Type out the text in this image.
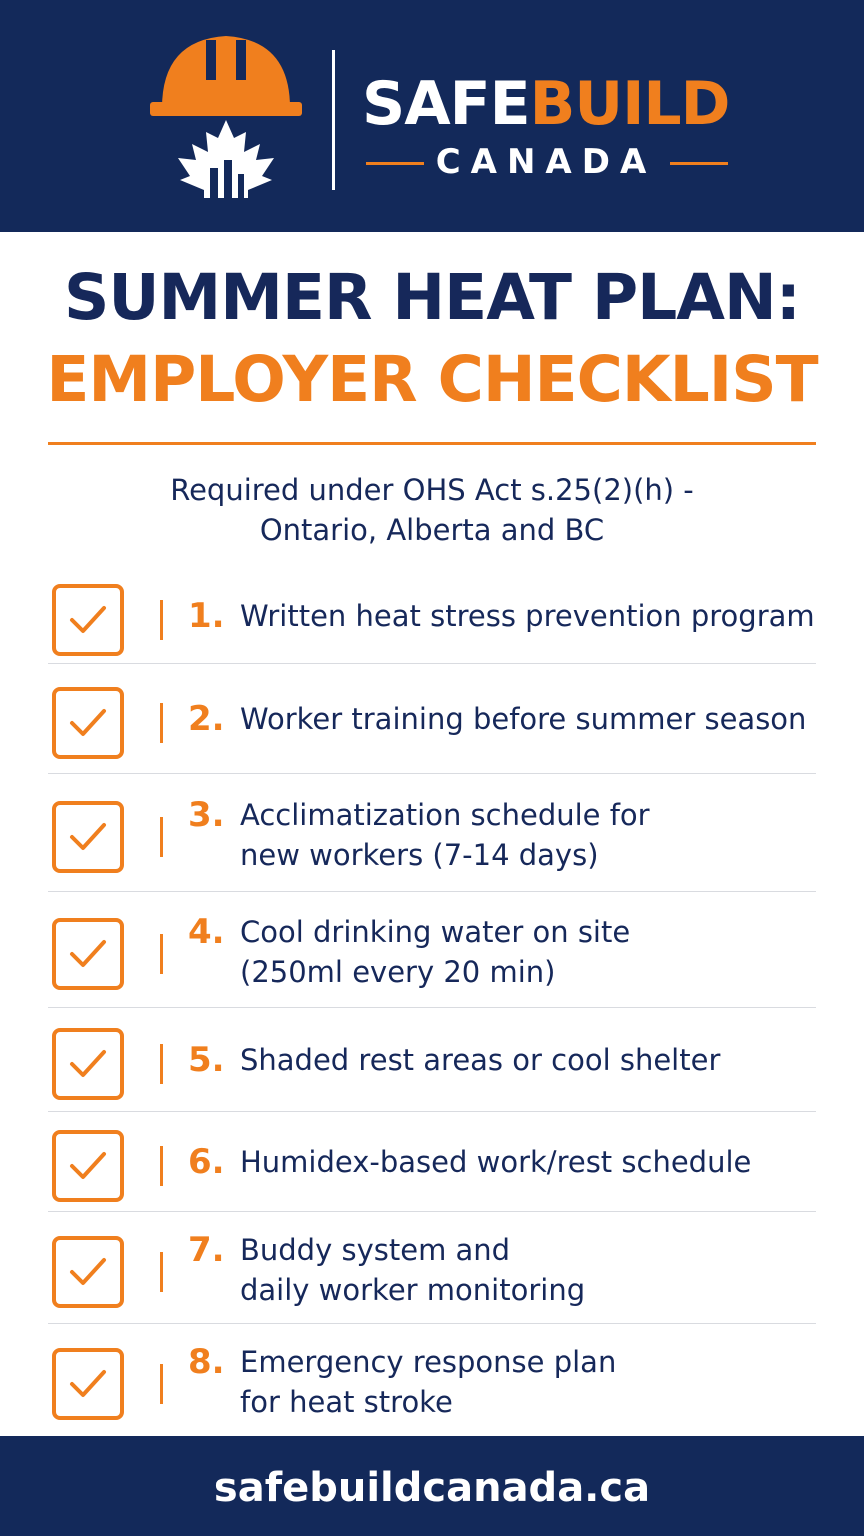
SAFEBUILD
CANADA
SUMMER HEAT PLAN:
EMPLOYER CHECKLIST
Required under OHS Act s.25(2)(h) -
Ontario, Alberta and BC
1. Written heat stress prevention program
2. Worker training before summer season
3. Acclimatization schedule for
new workers (7-14 days)
4. Cool drinking water on site
(250ml every 20 min)
5. Shaded rest areas or cool shelter
6. Humidex-based work/rest schedule
7. Buddy system and
daily worker monitoring
8. Emergency response plan
for heat stroke
safebuildcanada.ca
